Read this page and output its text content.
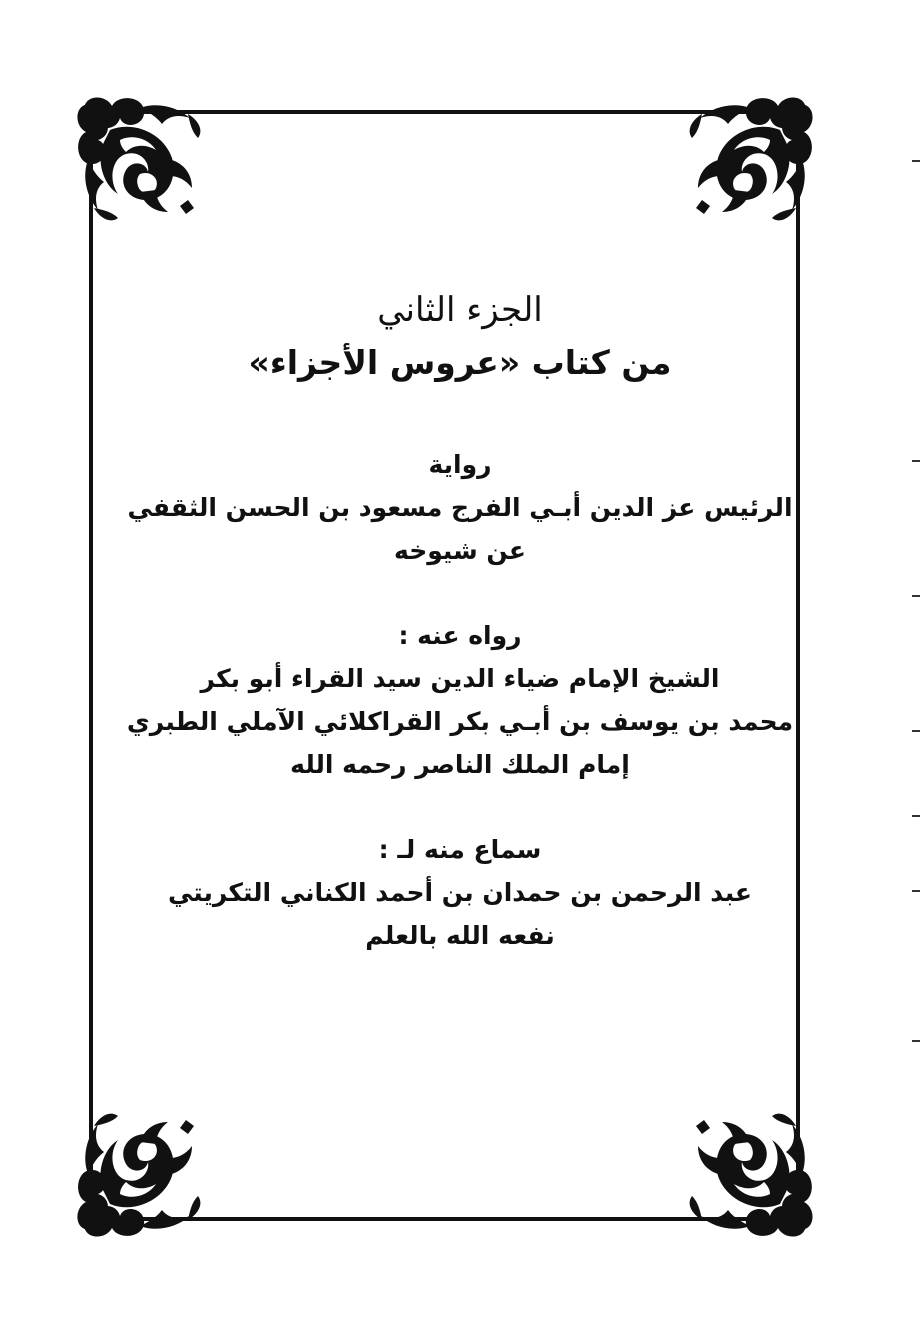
الجزء الثاني
من كتاب «عروس الأجزاء»
رواية
الرئيس عز الدين أبـي الفرج مسعود بن الحسن الثقفي
عن شيوخه
رواه عنه :
الشيخ الإمام ضياء الدين سيد القراء أبو بكر
محمد بن يوسف بن أبـي بكر القراكلائي الآملي الطبري
إمام الملك الناصر رحمه الله
سماع منه لـ :
عبد الرحمن بن حمدان بن أحمد الكناني التكريتي
نفعه الله بالعلم
